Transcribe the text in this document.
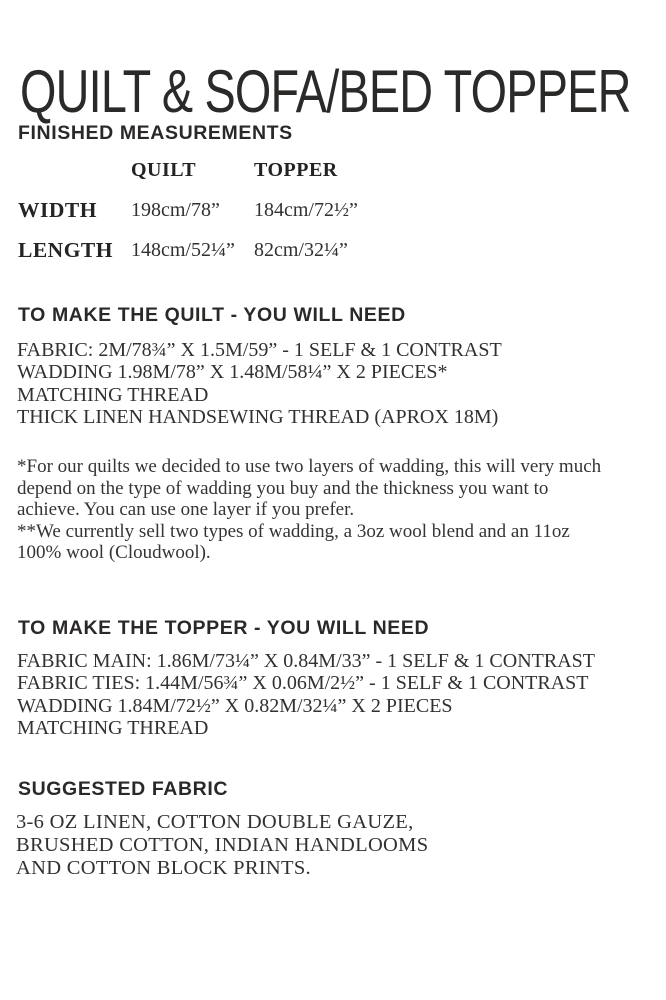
QUILT & SOFA/BED TOPPER
FINISHED MEASUREMENTS
QUILT	TOPPER
WIDTH	198cm/78”	184cm/72½”
LENGTH 148cm/52¼” 82cm/32¼”
TO MAKE THE QUILT - YOU WILL NEED
FABRIC: 2M/78¾” X 1.5M/59” - 1 SELF & 1 CONTRAST
WADDING 1.98M/78” X 1.48M/58¼” X 2 PIECES*
MATCHING THREAD
THICK LINEN HANDSEWING THREAD (APROX 18M)
*For our quilts we decided to use two layers of wadding, this will very much
depend on the type of wadding you buy and the thickness you want to
achieve. You can use one layer if you prefer.
**We currently sell two types of wadding, a 3oz wool blend and an 11oz
100% wool (Cloudwool).
TO MAKE THE TOPPER - YOU WILL NEED
FABRIC MAIN: 1.86M/73¼” X 0.84M/33” - 1 SELF & 1 CONTRAST
FABRIC TIES: 1.44M/56¾” X 0.06M/2½” - 1 SELF & 1 CONTRAST
WADDING 1.84M/72½” X 0.82M/32¼” X 2 PIECES
MATCHING THREAD
SUGGESTED FABRIC
3-6 OZ LINEN, COTTON DOUBLE GAUZE,
BRUSHED COTTON, INDIAN HANDLOOMS
AND COTTON BLOCK PRINTS.
